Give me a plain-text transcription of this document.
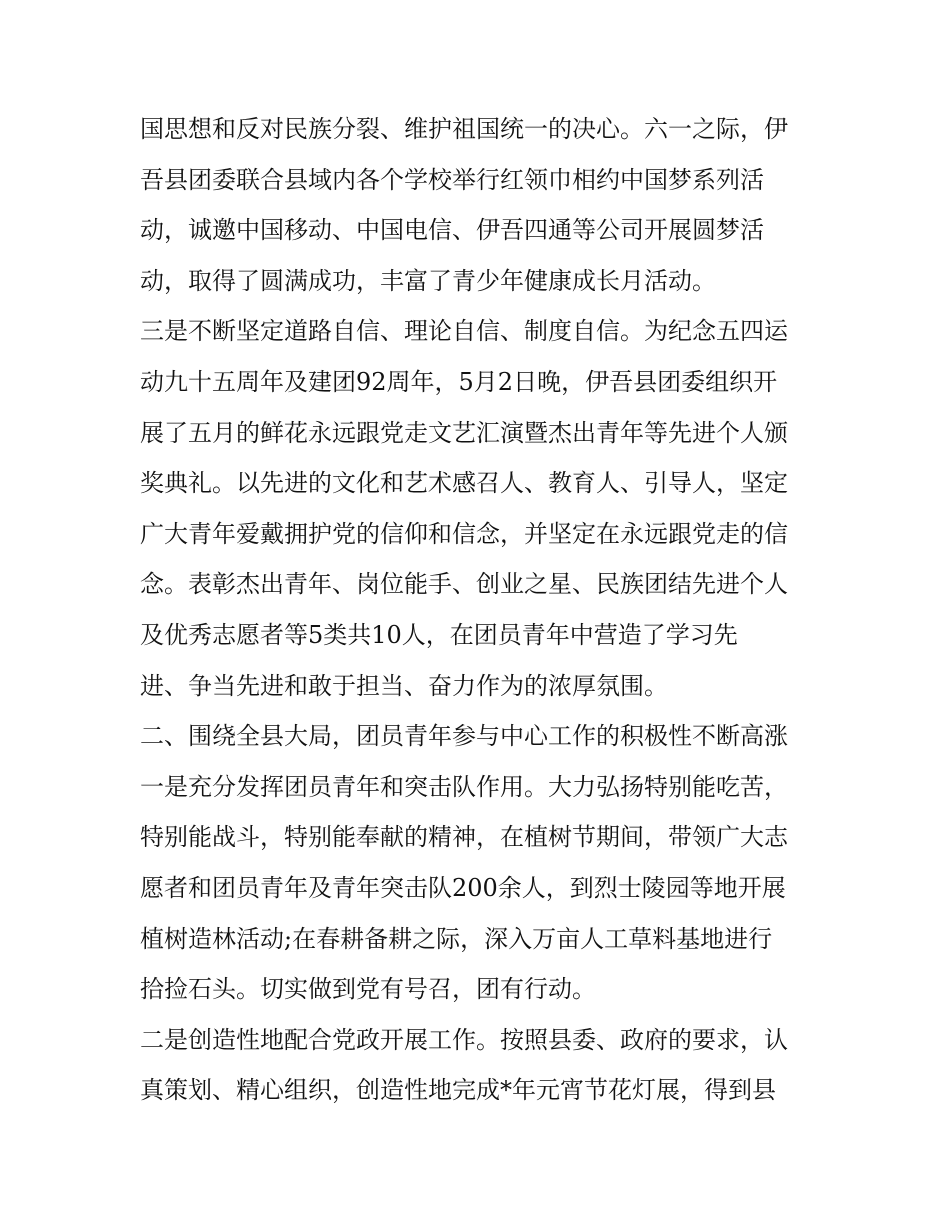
国思想和反对民族分裂、维护祖国统一的决心。六一之际，伊
吾县团委联合县域内各个学校举行红领巾相约中国梦系列活
动，诚邀中国移动、中国电信、伊吾四通等公司开展圆梦活
动，取得了圆满成功，丰富了青少年健康成长月活动。
三是不断坚定道路自信、理论自信、制度自信。为纪念五四运
动九十五周年及建团92周年，5月2日晚，伊吾县团委组织开
展了五月的鲜花永远跟党走文艺汇演暨杰出青年等先进个人颁
奖典礼。以先进的文化和艺术感召人、教育人、引导人，坚定
广大青年爱戴拥护党的信仰和信念，并坚定在永远跟党走的信
念。表彰杰出青年、岗位能手、创业之星、民族团结先进个人
及优秀志愿者等5类共10人，在团员青年中营造了学习先
进、争当先进和敢于担当、奋力作为的浓厚氛围。
二、围绕全县大局，团员青年参与中心工作的积极性不断高涨
一是充分发挥团员青年和突击队作用。大力弘扬特别能吃苦，
特别能战斗，特别能奉献的精神，在植树节期间，带领广大志
愿者和团员青年及青年突击队200余人，到烈士陵园等地开展
植树造林活动;在春耕备耕之际，深入万亩人工草料基地进行
拾捡石头。切实做到党有号召，团有行动。
二是创造性地配合党政开展工作。按照县委、政府的要求，认
真策划、精心组织，创造性地完成*年元宵节花灯展，得到县
